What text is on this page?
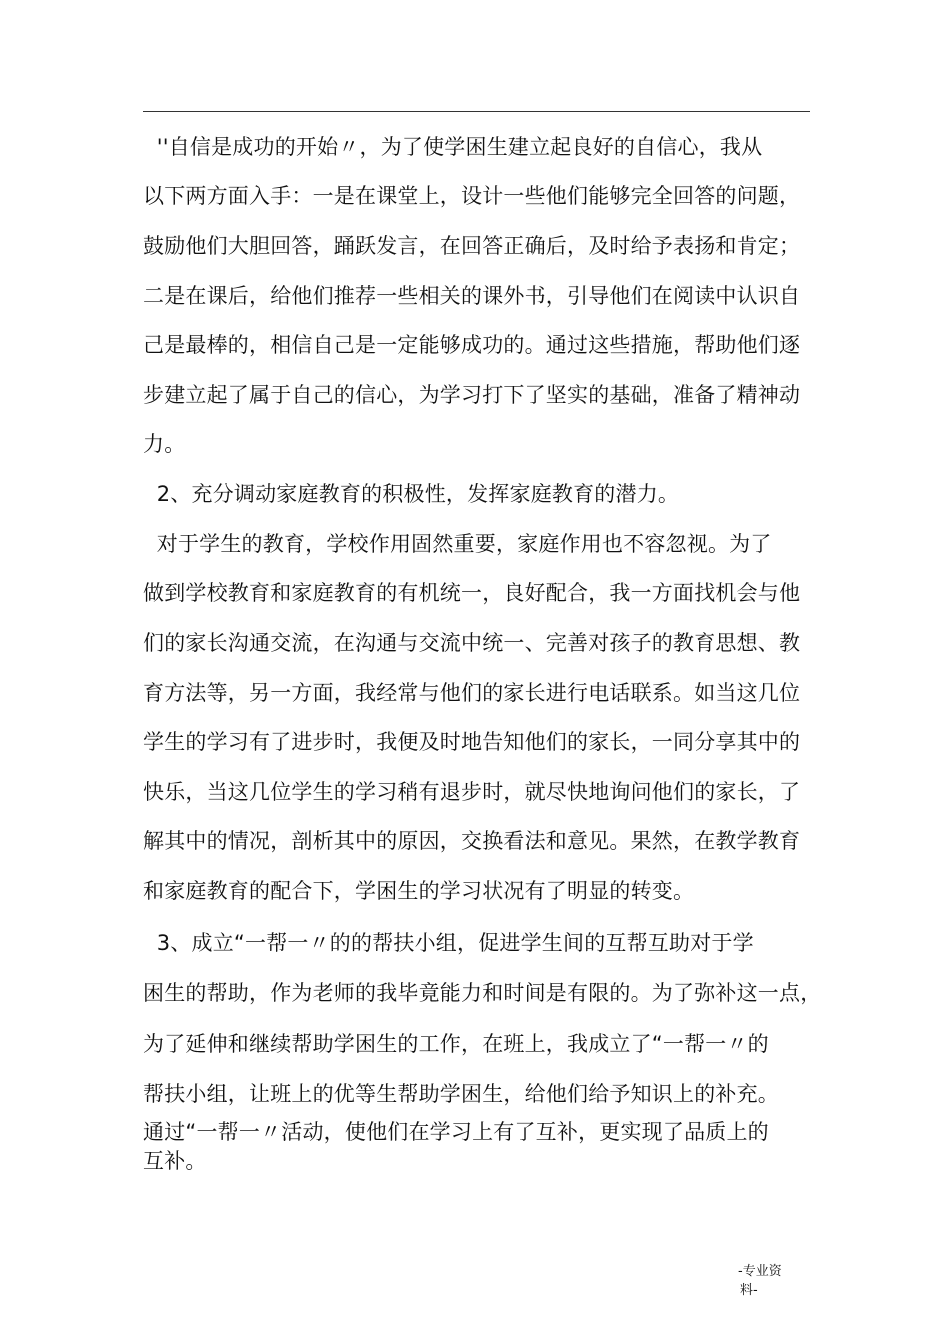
''自信是成功的开始〃，为了使学困生建立起良好的自信心，我从
以下两方面入手：一是在课堂上，设计一些他们能够完全回答的问题，
鼓励他们大胆回答，踊跃发言，在回答正确后，及时给予表扬和肯定；
二是在课后，给他们推荐一些相关的课外书，引导他们在阅读中认识自
己是最棒的，相信自己是一定能够成功的。通过这些措施，帮助他们逐
步建立起了属于自己的信心，为学习打下了坚实的基础，准备了精神动
力。
2、充分调动家庭教育的积极性，发挥家庭教育的潜力。
对于学生的教育，学校作用固然重要，家庭作用也不容忽视。为了
做到学校教育和家庭教育的有机统一，良好配合，我一方面找机会与他
们的家长沟通交流，在沟通与交流中统一、完善对孩子的教育思想、教
育方法等，另一方面，我经常与他们的家长进行电话联系。如当这几位
学生的学习有了进步时，我便及时地告知他们的家长，一同分享其中的
快乐，当这几位学生的学习稍有退步时，就尽快地询问他们的家长，了
解其中的情况，剖析其中的原因，交换看法和意见。果然，在教学教育
和家庭教育的配合下，学困生的学习状况有了明显的转变。
3、成立“一帮一〃的的帮扶小组，促进学生间的互帮互助对于学
困生的帮助，作为老师的我毕竟能力和时间是有限的。为了弥补这一点，
为了延伸和继续帮助学困生的工作，在班上，我成立了“一帮一〃的
帮扶小组，让班上的优等生帮助学困生，给他们给予知识上的补充。
通过“一帮一〃活动，使他们在学习上有了互补，更实现了品质上的
互补。
-专业资
料-
